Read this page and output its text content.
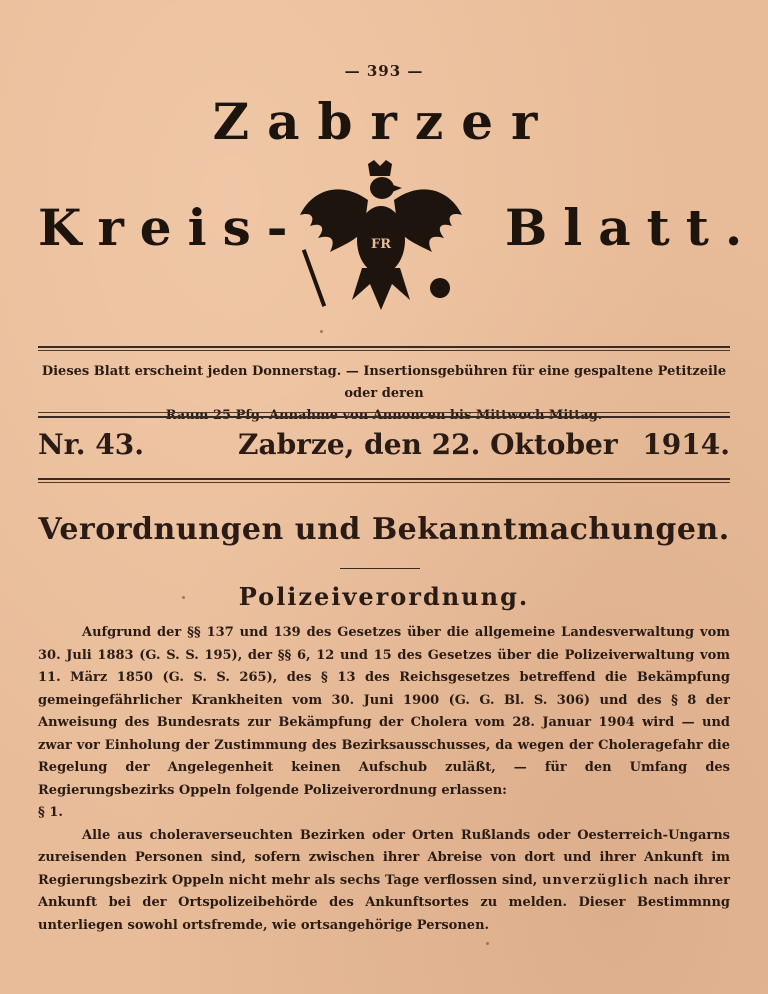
— 393 —
Zabrzer
Kreis-	Blatt.
FR
Dieses Blatt erscheint jeden Donnerstag. — Insertionsgebühren für eine gespaltene Petitzeile oder deren
Raum 25 Pfg. Annahme von Annoncen bis Mittwoch Mittag.
Nr. 43.	Zabrze, den 22. Oktober 1914.
Verordnungen und Bekanntmachungen.
Polizeiverordnung.

Aufgrund der §§ 137 und 139 des Gesetzes über die allgemeine Landesverwaltung vom 30. Juli 1883 (G. S. S. 195), der §§ 6, 12 und 15 des Gesetzes über die Polizeiverwaltung vom 11. März 1850 (G. S. S. 265), des § 13 des Reichsgesetzes betreffend die Bekämpfung gemeingefährlicher Krankheiten vom 30. Juni 1900 (G. G. Bl. S. 306) und des § 8 der Anweisung des Bundesrats zur Bekämpfung der Cholera vom 28. Januar 1904 wird — und zwar vor Einholung der Zustimmung des Bezirksausschusses, da wegen der Choleragefahr die Regelung der Angelegenheit keinen Aufschub zuläßt, — für den Umfang des Regierungsbezirks Oppeln folgende Polizeiverordnung erlassen:

§ 1.

Alle aus choleraverseuchten Bezirken oder Orten Rußlands oder Oesterreich-Ungarns zureisenden Personen sind, sofern zwischen ihrer Abreise von dort und ihrer Ankunft im Regierungsbezirk Oppeln nicht mehr als sechs Tage verflossen sind, unverzüglich nach ihrer Ankunft bei der Ortspolizeibehörde des Ankunftsortes zu melden. Dieser Bestimmnng unterliegen sowohl ortsfremde, wie ortsangehörige Personen.
